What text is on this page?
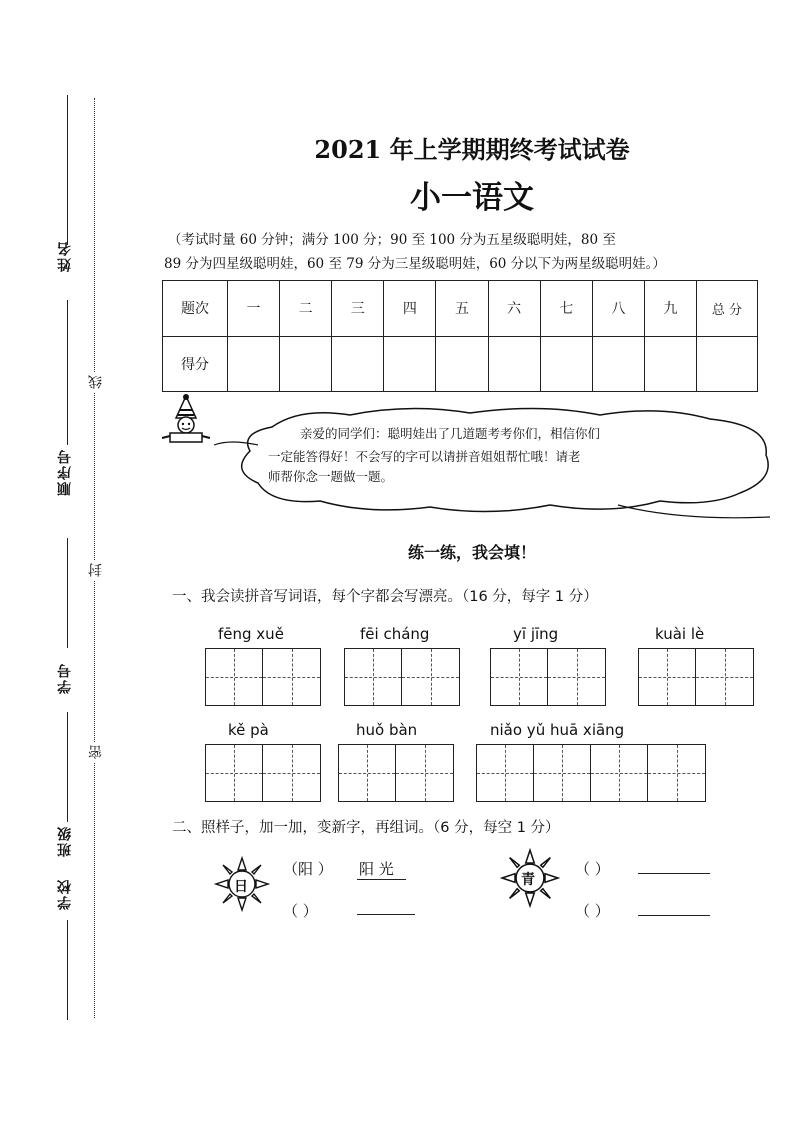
姓名
顺序号
学号
班级
学校
线
封
密
2021 年上学期期终考试试卷
小一语文
（考试时量 60 分钟；满分 100 分；90 至 100 分为五星级聪明娃，80 至
89 分为四星级聪明娃，60 至 79 分为三星级聪明娃，60 分以下为两星级聪明娃。）
题次	一	二	三	四	五	六	七	八	九	总 分
得分										
亲爱的同学们：聪明娃出了几道题考考你们，相信你们
一定能答得好！不会写的字可以请拼音姐姐帮忙哦！请老
师帮你念一题做一题。
练一练，我会填！
一、我会读拼音写词语，每个字都会写漂亮。（16 分，每字 1 分）
fēng xuě	fēi cháng	yī jīng	kuài lè
kě pà	huǒ bàn	niǎo yǔ huā xiāng
二、照样子，加一加，变新字，再组词。（6 分，每空 1 分）
日
（阳 ） 阳 光
（ ）
青
（ ）
（ ）
